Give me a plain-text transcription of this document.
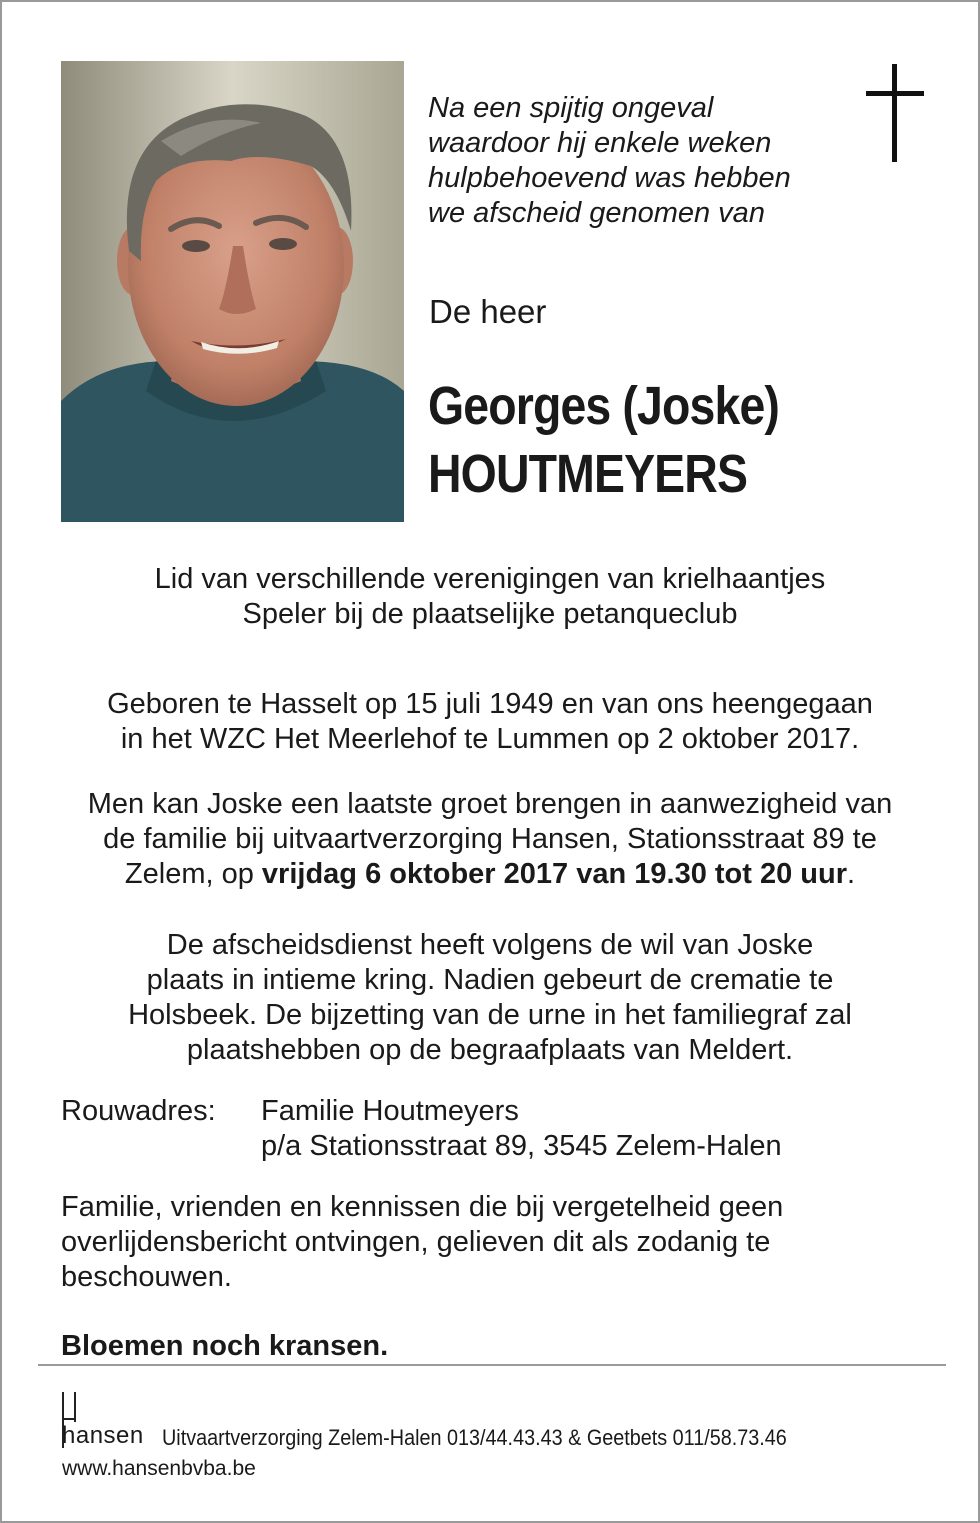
Na een spijtig ongeval
waardoor hij enkele weken
hulpbehoevend was hebben
we afscheid genomen van
De heer
Georges (Joske)
HOUTMEYERS
Lid van verschillende verenigingen van krielhaantjes
Speler bij de plaatselijke petanqueclub
Geboren te Hasselt op 15 juli 1949 en van ons heengegaan
in het WZC Het Meerlehof te Lummen op 2 oktober 2017.
Men kan Joske een laatste groet brengen in aanwezigheid van
de familie bij uitvaartverzorging Hansen, Stationsstraat 89 te
Zelem, op vrijdag 6 oktober 2017 van 19.30 tot 20 uur.
De afscheidsdienst heeft volgens de wil van Joske
plaats in intieme kring. Nadien gebeurt de crematie te
Holsbeek. De bijzetting van de urne in het familiegraf zal
plaatshebben op de begraafplaats van Meldert.
Rouwadres: Familie Houtmeyers
p/a Stationsstraat 89, 3545 Zelem-Halen
Familie, vrienden en kennissen die bij vergetelheid geen
overlijdensbericht ontvingen, gelieven dit als zodanig te
beschouwen.
Bloemen noch kransen.
hansen Uitvaartverzorging Zelem-Halen 013/44.43.43 & Geetbets 011/58.73.46
www.hansenbvba.be
